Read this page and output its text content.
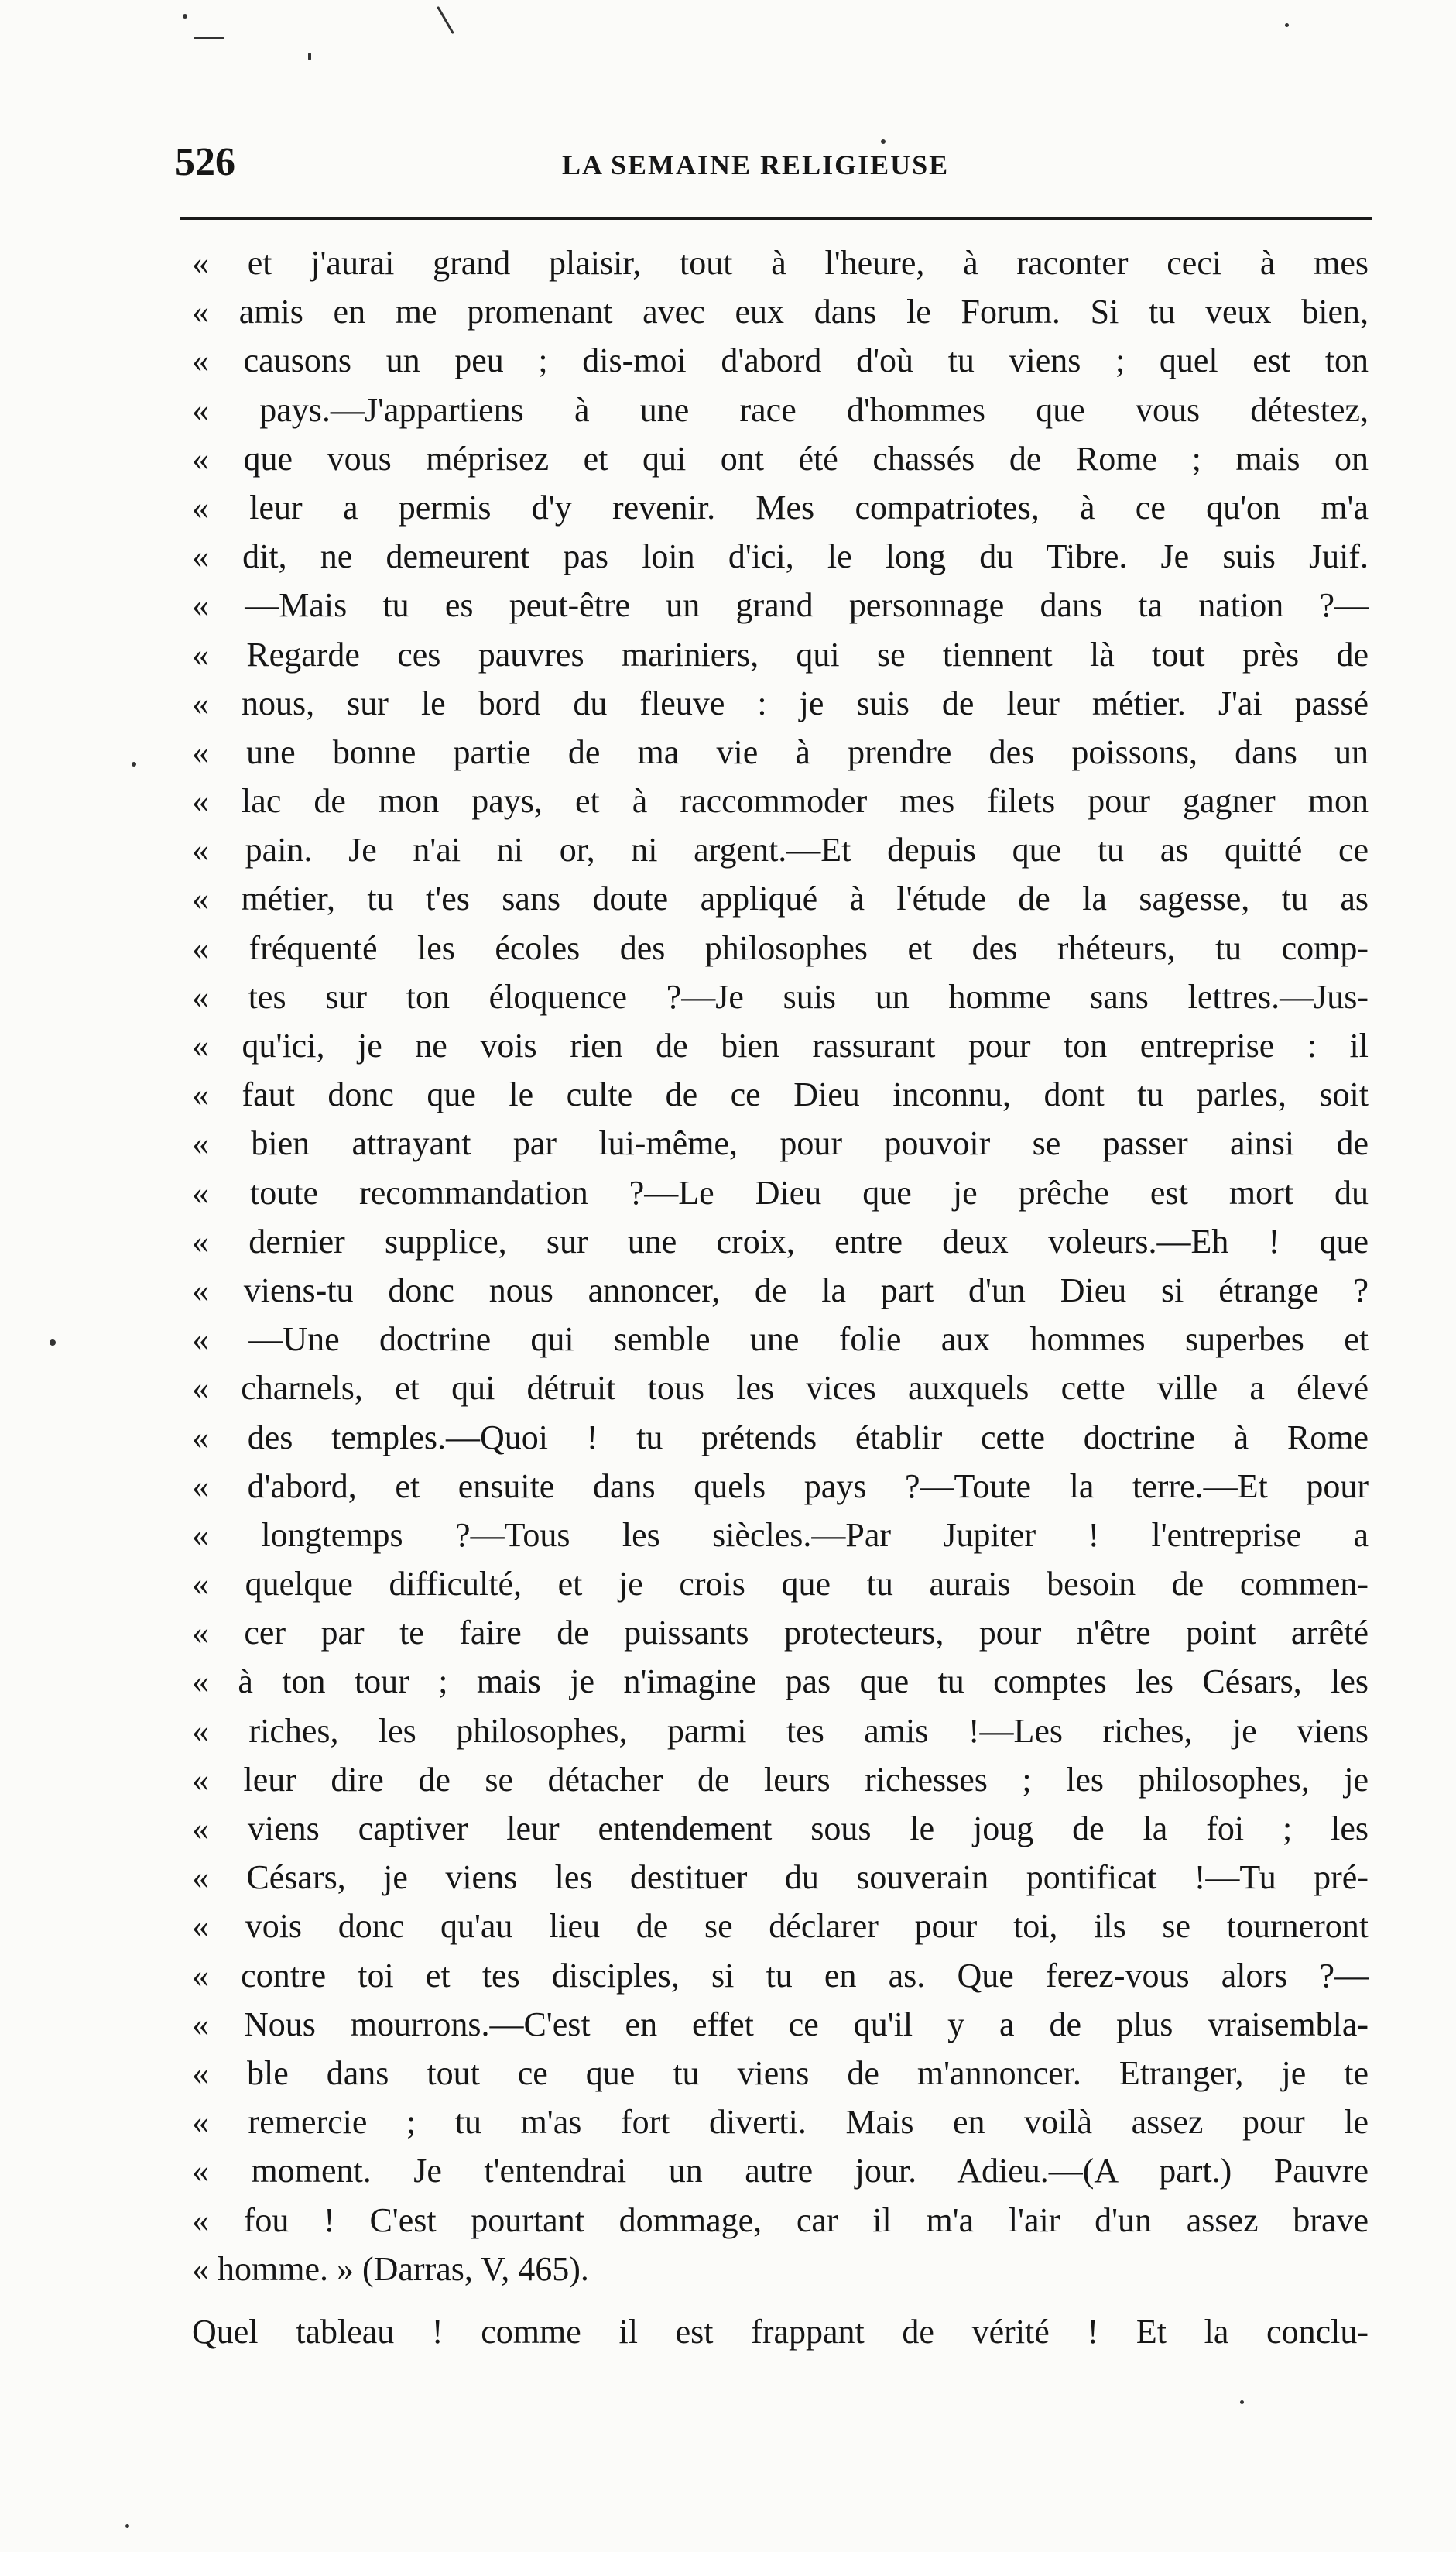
526	LA SEMAINE RELIGIEUSE
« et j'aurai grand plaisir, tout à l'heure, à raconter ceci à mes
« amis en me promenant avec eux dans le Forum. Si tu veux bien,
« causons un peu ; dis-moi d'abord d'où tu viens ; quel est ton
« pays.—J'appartiens à une race d'hommes que vous détestez,
« que vous méprisez et qui ont été chassés de Rome ; mais on
« leur a permis d'y revenir. Mes compatriotes, à ce qu'on m'a
« dit, ne demeurent pas loin d'ici, le long du Tibre. Je suis Juif.
« —Mais tu es peut-être un grand personnage dans ta nation ?—
« Regarde ces pauvres mariniers, qui se tiennent là tout près de
« nous, sur le bord du fleuve : je suis de leur métier. J'ai passé
« une bonne partie de ma vie à prendre des poissons, dans un
« lac de mon pays, et à raccommoder mes filets pour gagner mon
« pain. Je n'ai ni or, ni argent.—Et depuis que tu as quitté ce
« métier, tu t'es sans doute appliqué à l'étude de la sagesse, tu as
« fréquenté les écoles des philosophes et des rhéteurs, tu comp-
« tes sur ton éloquence ?—Je suis un homme sans lettres.—Jus-
« qu'ici, je ne vois rien de bien rassurant pour ton entreprise : il
« faut donc que le culte de ce Dieu inconnu, dont tu parles, soit
« bien attrayant par lui-même, pour pouvoir se passer ainsi de
« toute recommandation ?—Le Dieu que je prêche est mort du
« dernier supplice, sur une croix, entre deux voleurs.—Eh ! que
« viens-tu donc nous annoncer, de la part d'un Dieu si étrange ?
« —Une doctrine qui semble une folie aux hommes superbes et
« charnels, et qui détruit tous les vices auxquels cette ville a élevé
« des temples.—Quoi ! tu prétends établir cette doctrine à Rome
« d'abord, et ensuite dans quels pays ?—Toute la terre.—Et pour
« longtemps ?—Tous les siècles.—Par Jupiter ! l'entreprise a
« quelque difficulté, et je crois que tu aurais besoin de commen-
« cer par te faire de puissants protecteurs, pour n'être point arrêté
« à ton tour ; mais je n'imagine pas que tu comptes les Césars, les
« riches, les philosophes, parmi tes amis !—Les riches, je viens
« leur dire de se détacher de leurs richesses ; les philosophes, je
« viens captiver leur entendement sous le joug de la foi ; les
« Césars, je viens les destituer du souverain pontificat !—Tu pré-
« vois donc qu'au lieu de se déclarer pour toi, ils se tourneront
« contre toi et tes disciples, si tu en as. Que ferez-vous alors ?—
« Nous mourrons.—C'est en effet ce qu'il y a de plus vraisembla-
« ble dans tout ce que tu viens de m'annoncer. Etranger, je te
« remercie ; tu m'as fort diverti. Mais en voilà assez pour le
« moment. Je t'entendrai un autre jour. Adieu.—(A part.) Pauvre
« fou ! C'est pourtant dommage, car il m'a l'air d'un assez brave
« homme. » (Darras, V, 465).
Quel tableau ! comme il est frappant de vérité ! Et la conclu-
